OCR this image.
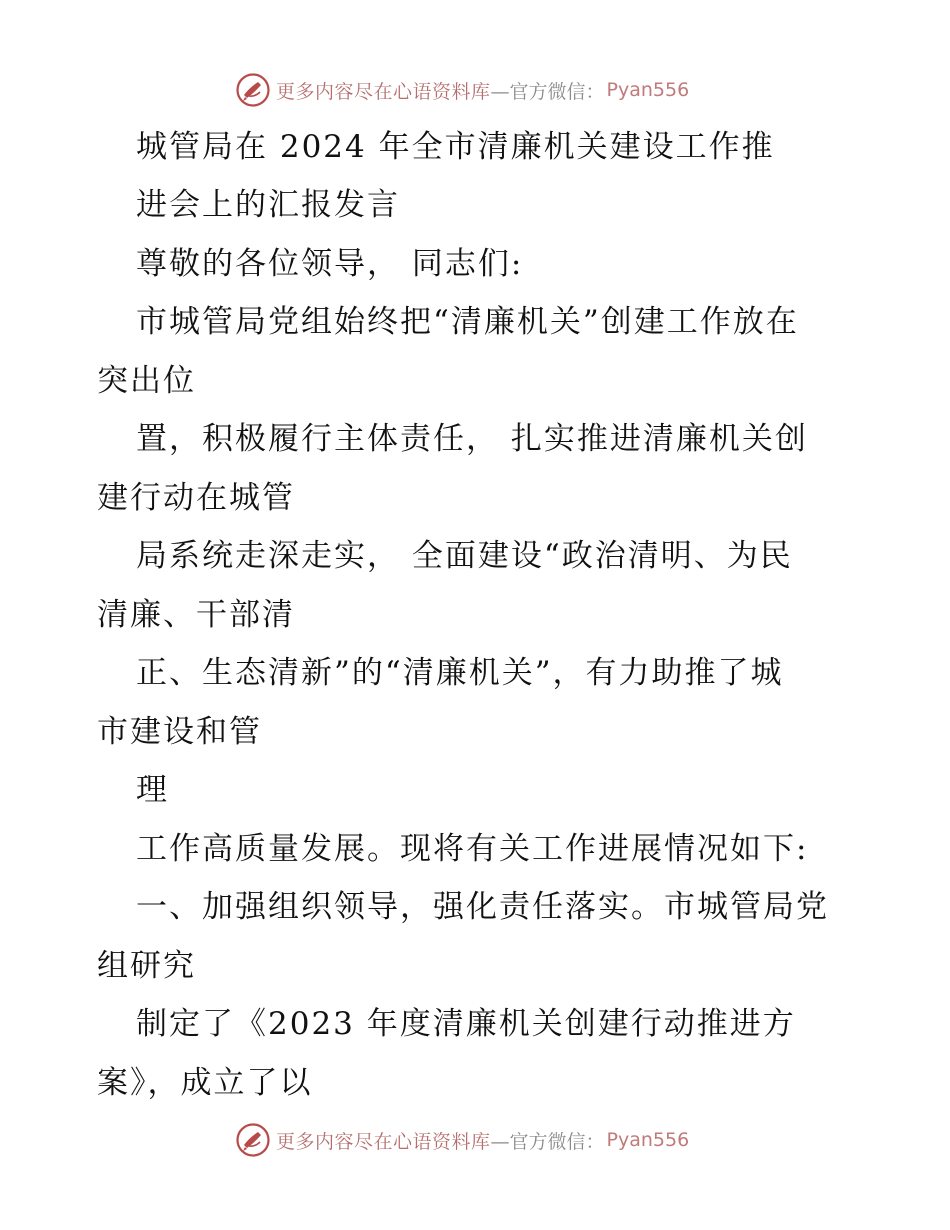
更多内容尽在心语资料库 —官方微信： Pyan556
城管局在 2024 年全市清廉机关建设工作推
进会上的汇报发言
尊敬的各位领导， 同志们:
市城管局党组始终把“清廉机关”创建工作放在
突出位
置，积极履行主体责任， 扎实推进清廉机关创
建行动在城管
局系统走深走实， 全面建设“政治清明、为民
清廉、干部清
正、生态清新”的“清廉机关”，有力助推了城
市建设和管
理
工作高质量发展。现将有关工作进展情况如下:
一、加强组织领导，强化责任落实。市城管局党
组研究
制定了《2023 年度清廉机关创建行动推进方
案》，成立了以
更多内容尽在心语资料库 —官方微信： Pyan556
